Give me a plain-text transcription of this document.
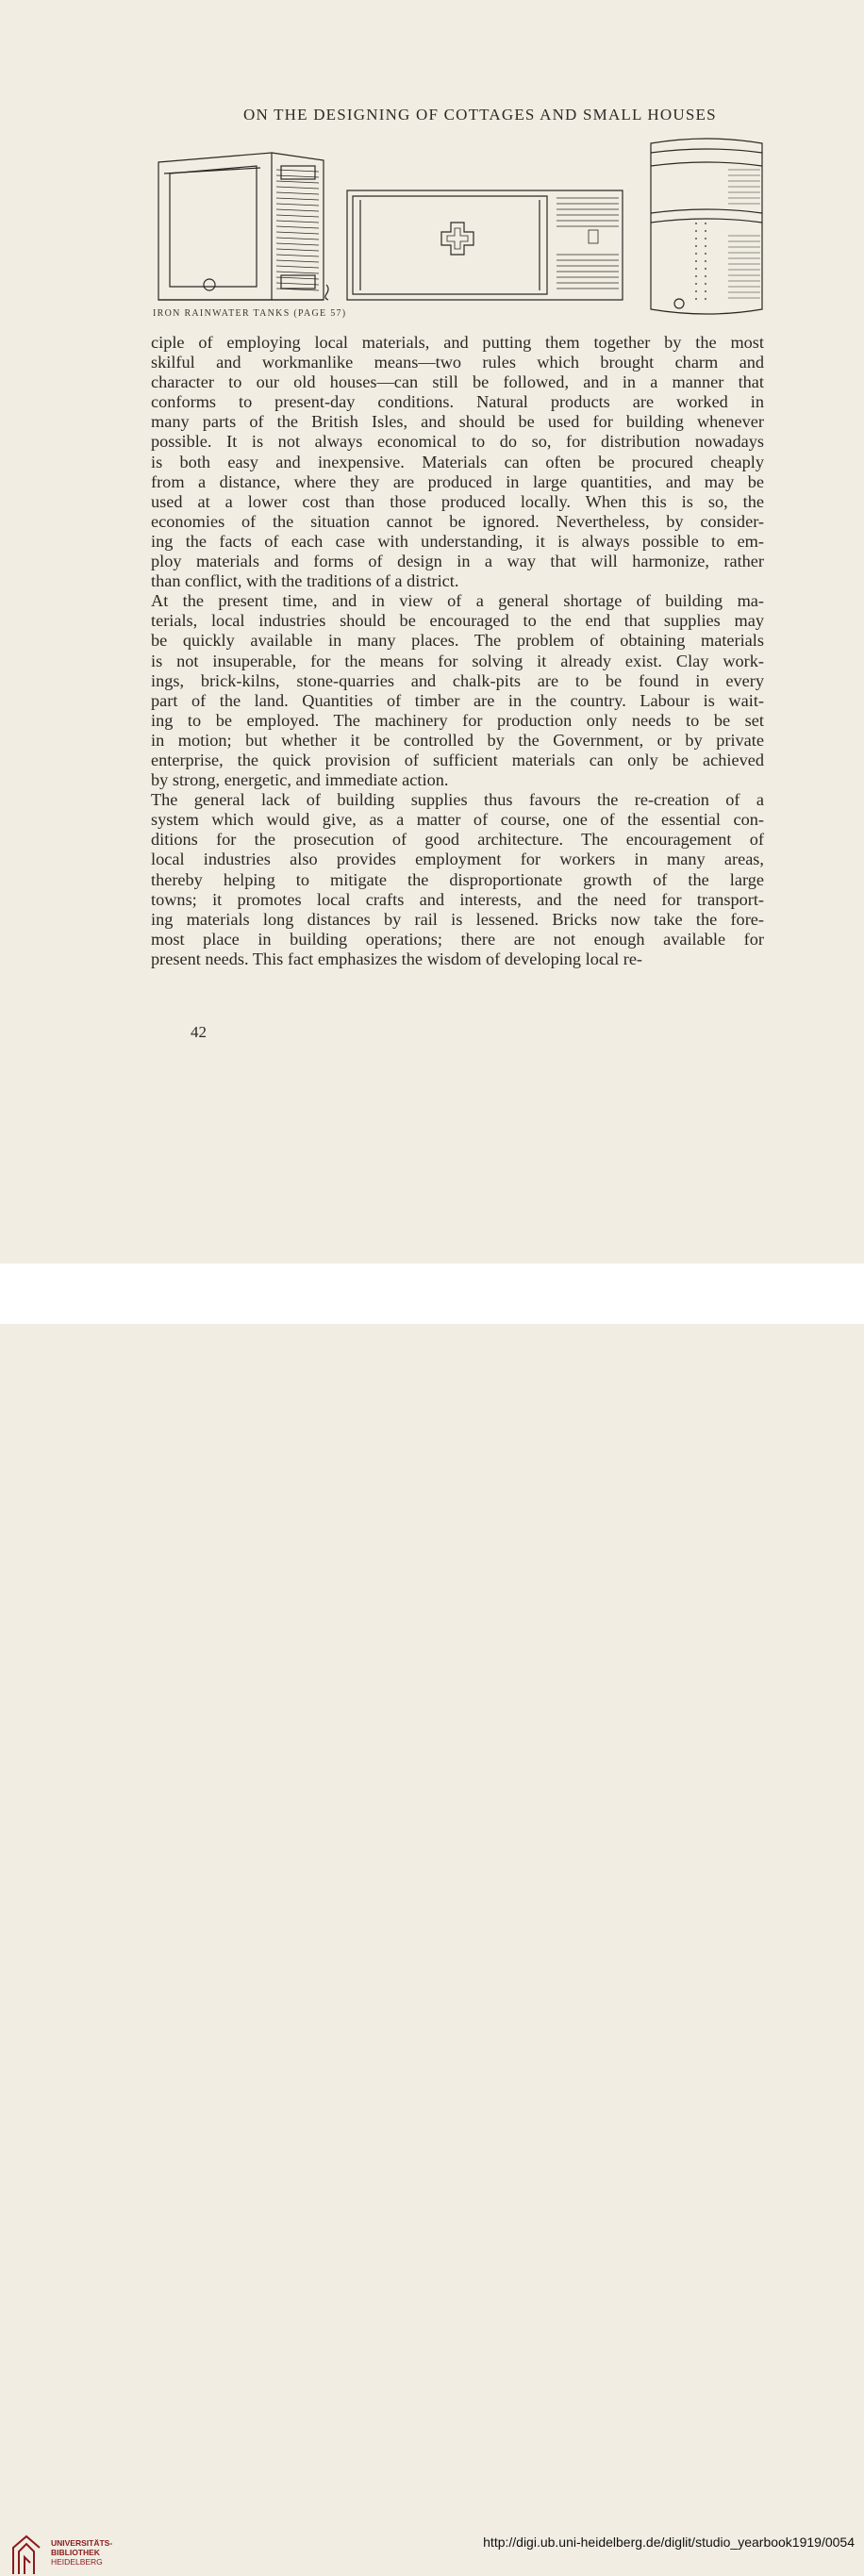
ON THE DESIGNING OF COTTAGES AND SMALL HOUSES
IRON RAINWATER TANKS (PAGE 57)

ciple of employing local materials, and putting them together by the most
skilful and workmanlike means—two rules which brought charm and
character to our old houses—can still be followed, and in a manner that
conforms to present-day conditions. Natural products are worked in
many parts of the British Isles, and should be used for building whenever
possible. It is not always economical to do so, for distribution nowadays
is both easy and inexpensive. Materials can often be procured cheaply
from a distance, where they are produced in large quantities, and may be
used at a lower cost than those produced locally. When this is so, the
economies of the situation cannot be ignored. Nevertheless, by consider-
ing the facts of each case with understanding, it is always possible to em-
ploy materials and forms of design in a way that will harmonize, rather
than conflict, with the traditions of a district.

At the present time, and in view of a general shortage of building ma-
terials, local industries should be encouraged to the end that supplies may
be quickly available in many places. The problem of obtaining materials
is not insuperable, for the means for solving it already exist. Clay work-
ings, brick-kilns, stone-quarries and chalk-pits are to be found in every
part of the land. Quantities of timber are in the country. Labour is wait-
ing to be employed. The machinery for production only needs to be set
in motion; but whether it be controlled by the Government, or by private
enterprise, the quick provision of sufficient materials can only be achieved
by strong, energetic, and immediate action.

The general lack of building supplies thus favours the re-creation of a
system which would give, as a matter of course, one of the essential con-
ditions for the prosecution of good architecture. The encouragement of
local industries also provides employment for workers in many areas,
thereby helping to mitigate the disproportionate growth of the large
towns; it promotes local crafts and interests, and the need for transport-
ing materials long distances by rail is lessened. Bricks now take the fore-
most place in building operations; there are not enough available for
present needs. This fact emphasizes the wisdom of developing local re-

42
UNIVERSITÄTS-
BIBLIOTHEK
HEIDELBERG
http://digi.ub.uni-heidelberg.de/diglit/studio_yearbook1919/0054
